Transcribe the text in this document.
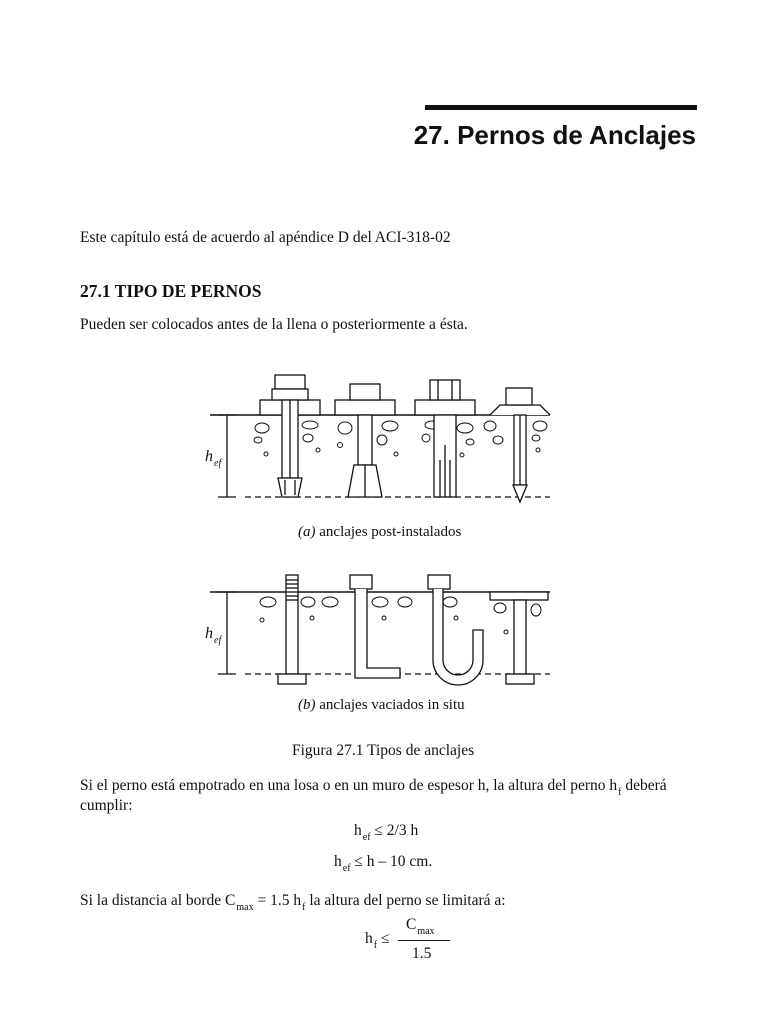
27. Pernos de Anclajes
Este capítulo está de acuerdo al apéndice D del ACI-318-02
27.1 TIPO DE PERNOS
Pueden ser colocados antes de la llena o posteriormente a ésta.
$h_{ef}$
(a) anclajes post-instalados
$h_{ef}$
(b) anclajes vaciados in situ
Figura 27.1 Tipos de anclajes
Si el perno está empotrado en una losa o en un muro de espesor h, la altura del perno $h_f$ deberá
cumplir:
$h_{ef} \le 2/3$ h
$h_{ef} \le h - 10$ cm.
Si la distancia al borde $C_{max} = 1.5$ $h_f$ la altura del perno se limitará a:
$h_f$ ≤
$C_{max}$
1.5
